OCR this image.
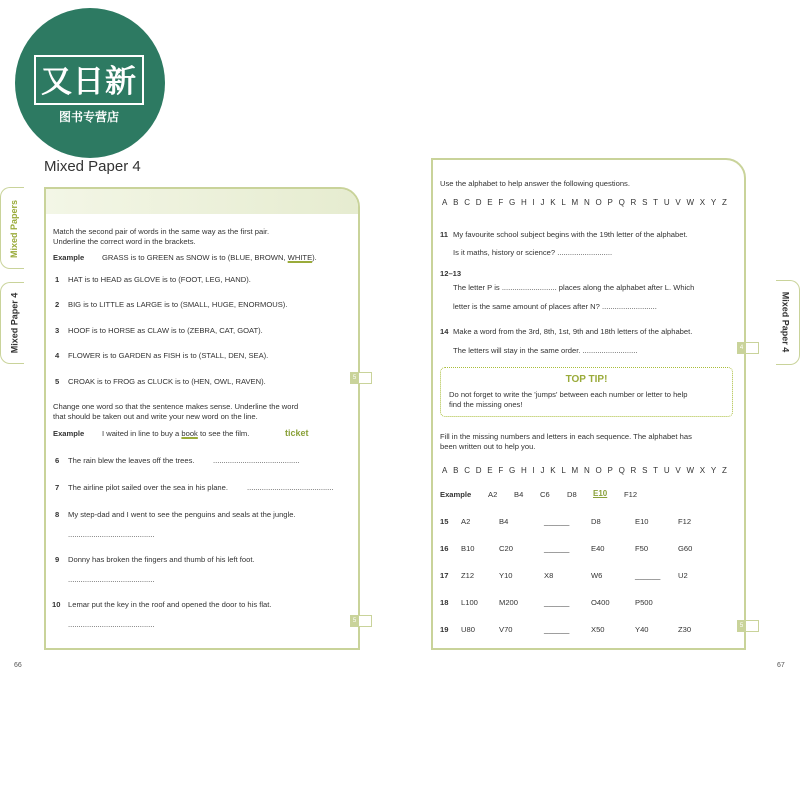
又日新
图书专营店
Mixed Paper 4
Mixed Papers
Mixed Paper 4
Match the second pair of words in the same way as the first pair.
Underline the correct word in the brackets.
Example GRASS is to GREEN as SNOW is to (BLUE, BROWN, WHITE).
1 HAT is to HEAD as GLOVE is to (FOOT, LEG, HAND).
2 BIG is to LITTLE as LARGE is to (SMALL, HUGE, ENORMOUS).
3 HOOF is to HORSE as CLAW is to (ZEBRA, CAT, GOAT).
4 FLOWER is to GARDEN as FISH is to (STALL, DEN, SEA).
5 CROAK is to FROG as CLUCK is to (HEN, OWL, RAVEN).	5
Change one word so that the sentence makes sense. Underline the word
that should be taken out and write your new word on the line.
Example I waited in line to buy a book to see the film.	ticket
6 The rain blew the leaves off the trees. .........................................
7 The airline pilot sailed over the sea in his plane.	.........................................
8 My step-dad and I went to see the penguins and seals at the jungle.
.........................................
9 Donny has broken the fingers and thumb of his left foot.
.........................................
10 Lemar put the key in the roof and opened the door to his flat.
.........................................	5
66
Mixed Paper 4
Use the alphabet to help answer the following questions.
A B C D E F G H I J K L M N O P Q R S T U V W X Y Z
11 My favourite school subject begins with the 19th letter of the alphabet.
Is it maths, history or science? ..........................
12–13
The letter P is .......................... places along the alphabet after L. Which
letter is the same amount of places after N? ..........................
14 Make a word from the 3rd, 8th, 1st, 9th and 18th letters of the alphabet.
The letters will stay in the same order. ..........................	4
TOP TIP!
Do not forget to write the 'jumps' between each number or letter to help
find the missing ones!
Fill in the missing numbers and letters in each sequence. The alphabet has
been written out to help you.
A B C D E F G H I J K L M N O P Q R S T U V W X Y Z
Example A2 B4 C6 D8 E10 F12
15 A2	B4	______	D8	E10	F12
16 B10	C20	______	E40	F50	G60
17 Z12	Y10	X8	W6	______ U2
18 L100	M200	______	O400	P500
19 U80	V70	______	X50	Y40	Z30	5
67
